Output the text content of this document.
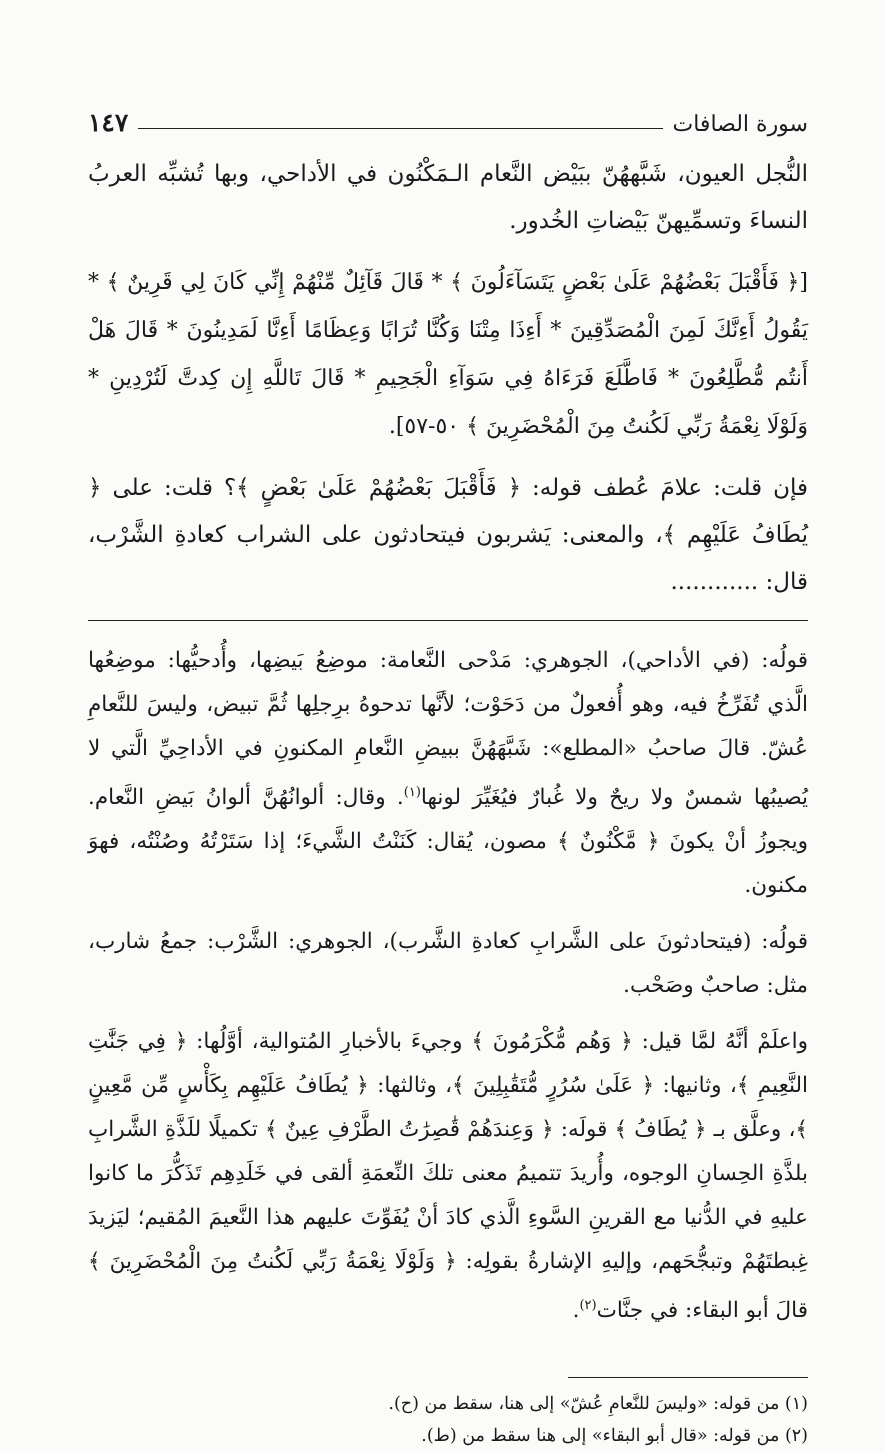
سورة الصافات
١٤٧

النُّجل العيون، شَبَّههُنّ ببَيْض النَّعام الـمَكْنُون في الأداحي، وبها تُشبِّه العربُ النساءَ وتسمِّيهنّ بَيْضاتِ الخُدور.

[﴿ فَأَقْبَلَ بَعْضُهُمْ عَلَىٰ بَعْضٍ يَتَسَآءَلُونَ ﴾ * قَالَ قَآئِلٌ مِّنْهُمْ إِنِّي كَانَ لِي قَرِينٌ ﴾ * يَقُولُ أَءِنَّكَ لَمِنَ الْمُصَدِّقِينَ * أَءِذَا مِتْنَا وَكُنَّا تُرَابًا وَعِظَامًا أَءِنَّا لَمَدِينُونَ * قَالَ هَلْ أَنتُم مُّطَّلِعُونَ * فَاطَّلَعَ فَرَءَاهُ فِي سَوَآءِ الْجَحِيمِ * قَالَ تَاللَّهِ إِن كِدتَّ لَتُرْدِينِ * وَلَوْلَا نِعْمَةُ رَبِّي لَكُنتُ مِنَ الْمُحْضَرِينَ ﴾ ٥٠-٥٧].

فإن قلت: علامَ عُطف قوله: ﴿ فَأَقْبَلَ بَعْضُهُمْ عَلَىٰ بَعْضٍ ﴾؟ قلت: على ﴿ يُطَافُ عَلَيْهِم ﴾، والمعنى: يَشربون فيتحادثون على الشراب كعادةِ الشَّرْب، قال: ............

قولُه: (في الأداحي)، الجوهري: مَدْحى النَّعامة: موضِعُ بَيضِها، وأُدحيُّها: موضِعُها الَّذي تُفَرِّخُ فيه، وهو أُفعولٌ من دَحَوْت؛ لأنَّها تدحوهُ برِجلِها ثُمَّ تبيض، وليسَ للنَّعامِ عُشّ. قالَ صاحبُ «المطلع»: شَبَّهَهُنَّ ببيضِ النَّعامِ المكنونِ في الأداحِيِّ الَّتي لا يُصيبُها شمسٌ ولا ريحٌ ولا غُبارٌ فيُغَيِّرَ لونها$^{(١)}$. وقال: ألوانُهُنَّ ألوانُ بَيضِ النَّعام. ويجوزُ أنْ يكونَ ﴿ مَّكْنُونٌ ﴾ مصون، يُقال: كَنَنْتُ الشَّيءَ؛ إذا سَتَرْتُهُ وصُنْتُه، فهوَ مكنون.

قولُه: (فيتحادثونَ على الشَّرابِ كعادةِ الشَّرب)، الجوهري: الشَّرْب: جمعُ شارب، مثل: صاحبٌ وصَحْب.

واعلَمْ أنَّهُ لمَّا قيل: ﴿ وَهُم مُّكْرَمُونَ ﴾ وجيءَ بالأخبارِ المُتوالية، أوَّلُها: ﴿ فِي جَنَّٰتِ النَّعِيمِ ﴾، وثانيها: ﴿ عَلَىٰ سُرُرٍ مُّتَقَٰبِلِينَ ﴾، وثالثها: ﴿ يُطَافُ عَلَيْهِم بِكَأْسٍ مِّن مَّعِينٍ ﴾، وعلَّق بـ ﴿ يُطَافُ ﴾ قولَه: ﴿ وَعِندَهُمْ قَٰصِرَٰتُ الطَّرْفِ عِينٌ ﴾ تكميلًا للَذَّةِ الشَّرابِ بلذَّةِ الحِسانِ الوجوه، وأُريدَ تتميمُ معنى تلكَ النِّعمَةِ ألقى في خَلَدِهِم تَذَكُّرَ ما كانوا عليهِ في الدُّنيا مع القرينِ السَّوءِ الَّذي كادَ أنْ يُفَوِّتَ عليهم هذا النَّعيمَ المُقيم؛ ليَزيدَ غِبطتَهُمْ وتبجُّحَهم، وإليهِ الإشارةُ بقولِه: ﴿ وَلَوْلَا نِعْمَةُ رَبِّي لَكُنتُ مِنَ الْمُحْضَرِينَ ﴾ قالَ أبو البقاء: في جنَّات$^{(٢)}$.

(١) من قوله: «وليسَ للنَّعامِ عُشّ» إلى هنا، سقط من (ح).

(٢) من قوله: «قال أبو البقاء» إلى هنا سقط من (ط).
